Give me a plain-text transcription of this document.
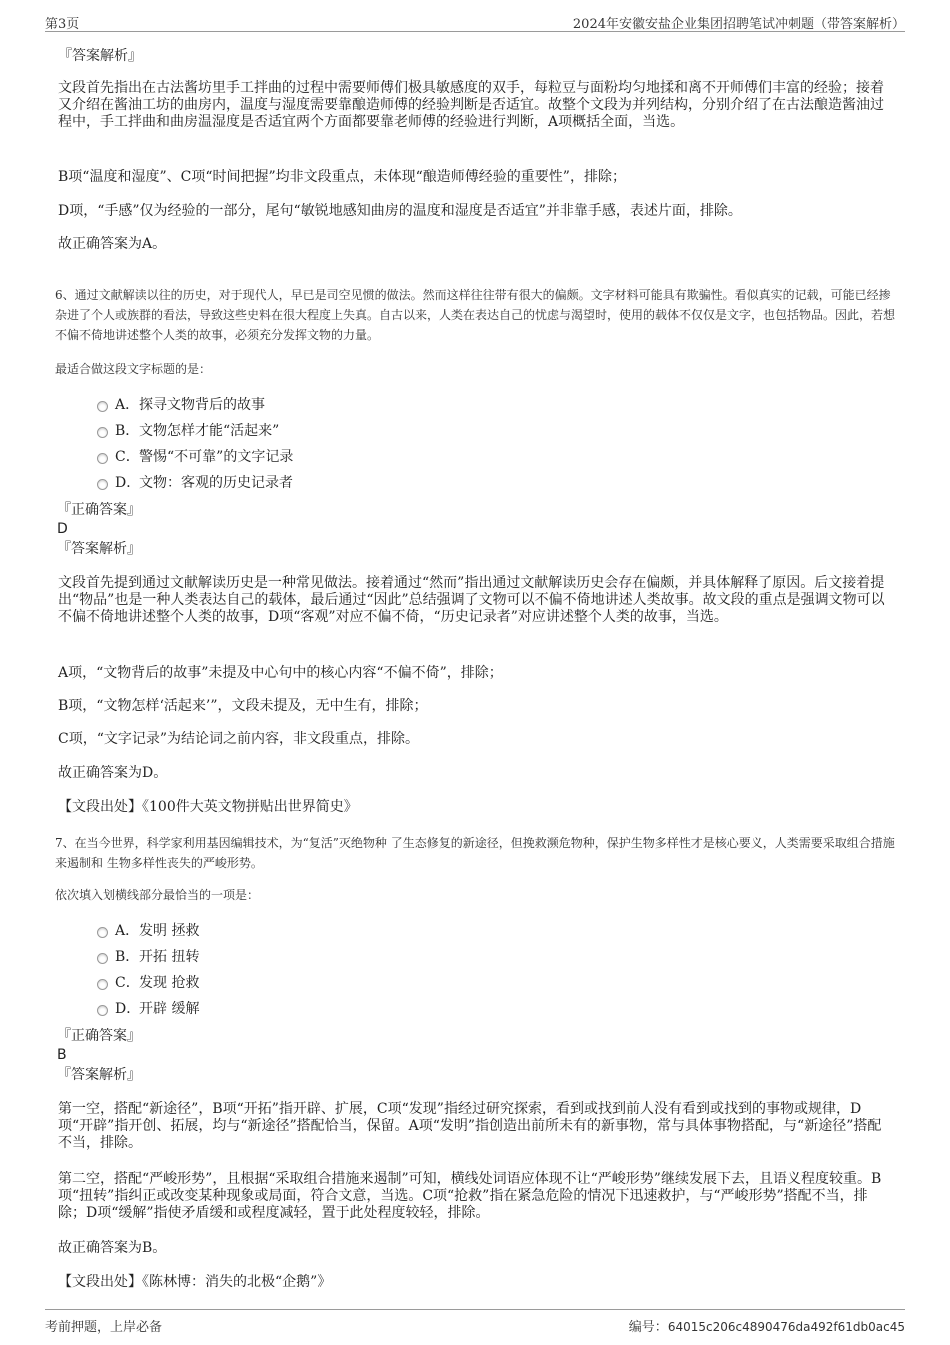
第3页	2024年安徽安盐企业集团招聘笔试冲刺题（带答案解析）
『答案解析』
文段首先指出在古法酱坊里手工拌曲的过程中需要师傅们极具敏感度的双手，每粒豆与面粉均匀地揉和离不开师傅们丰富的经验；接着又介绍在酱油工坊的曲房内，温度与湿度需要靠酿造师傅的经验判断是否适宜。故整个文段为并列结构，分别介绍了在古法酿造酱油过程中，手工拌曲和曲房温湿度是否适宜两个方面都要靠老师傅的经验进行判断，A项概括全面，当选。
B项“温度和湿度”、C项“时间把握”均非文段重点，未体现“酿造师傅经验的重要性”，排除；
D项，“手感”仅为经验的一部分，尾句“敏锐地感知曲房的温度和湿度是否适宜”并非靠手感，表述片面，排除。
故正确答案为A。
6、通过文献解读以往的历史，对于现代人，早已是司空见惯的做法。然而这样往往带有很大的偏颇。文字材料可能具有欺骗性。看似真实的记载，可能已经掺杂进了个人或族群的看法，导致这些史料在很大程度上失真。自古以来，人类在表达自己的忧虑与渴望时，使用的载体不仅仅是文字，也包括物品。因此，若想不偏不倚地讲述整个人类的故事，必须充分发挥文物的力量。
最适合做这段文字标题的是：
A．探寻文物背后的故事
B．文物怎样才能“活起来”
C．警惕“不可靠”的文字记录
D．文物：客观的历史记录者
『正确答案』
D
『答案解析』
文段首先提到通过文献解读历史是一种常见做法。接着通过“然而”指出通过文献解读历史会存在偏颇，并具体解释了原因。后文接着提出“物品”也是一种人类表达自己的载体，最后通过“因此”总结强调了文物可以不偏不倚地讲述人类故事。故文段的重点是强调文物可以不偏不倚地讲述整个人类的故事，D项“客观”对应不偏不倚，“历史记录者”对应讲述整个人类的故事，当选。
A项，“文物背后的故事”未提及中心句中的核心内容“不偏不倚”，排除；
B项，“文物怎样‘活起来’”，文段未提及，无中生有，排除；
C项，“文字记录”为结论词之前内容，非文段重点，排除。
故正确答案为D。
【文段出处】《100件大英文物拼贴出世界简史》
7、在当今世界，科学家利用基因编辑技术，为“复活”灭绝物种 了生态修复的新途径，但挽救濒危物种，保护生物多样性才是核心要义，人类需要采取组合措施来遏制和 生物多样性丧失的严峻形势。
依次填入划横线部分最恰当的一项是：
A．发明 拯救
B．开拓 扭转
C．发现 抢救
D．开辟 缓解
『正确答案』
B
『答案解析』
第一空，搭配“新途径”，B项“开拓”指开辟、扩展，C项“发现”指经过研究探索，看到或找到前人没有看到或找到的事物或规律，D项“开辟”指开创、拓展，均与“新途径”搭配恰当，保留。A项“发明”指创造出前所未有的新事物，常与具体事物搭配，与“新途径”搭配不当，排除。
第二空，搭配“严峻形势”，且根据“采取组合措施来遏制”可知，横线处词语应体现不让“严峻形势”继续发展下去，且语义程度较重。B项“扭转”指纠正或改变某种现象或局面，符合文意，当选。C项“抢救”指在紧急危险的情况下迅速救护，与“严峻形势”搭配不当，排除；D项“缓解”指使矛盾缓和或程度减轻，置于此处程度较轻，排除。
故正确答案为B。
【文段出处】《陈林博：消失的北极“企鹅”》
考前押题，上岸必备	编号：64015c206c4890476da492f61db0ac45
